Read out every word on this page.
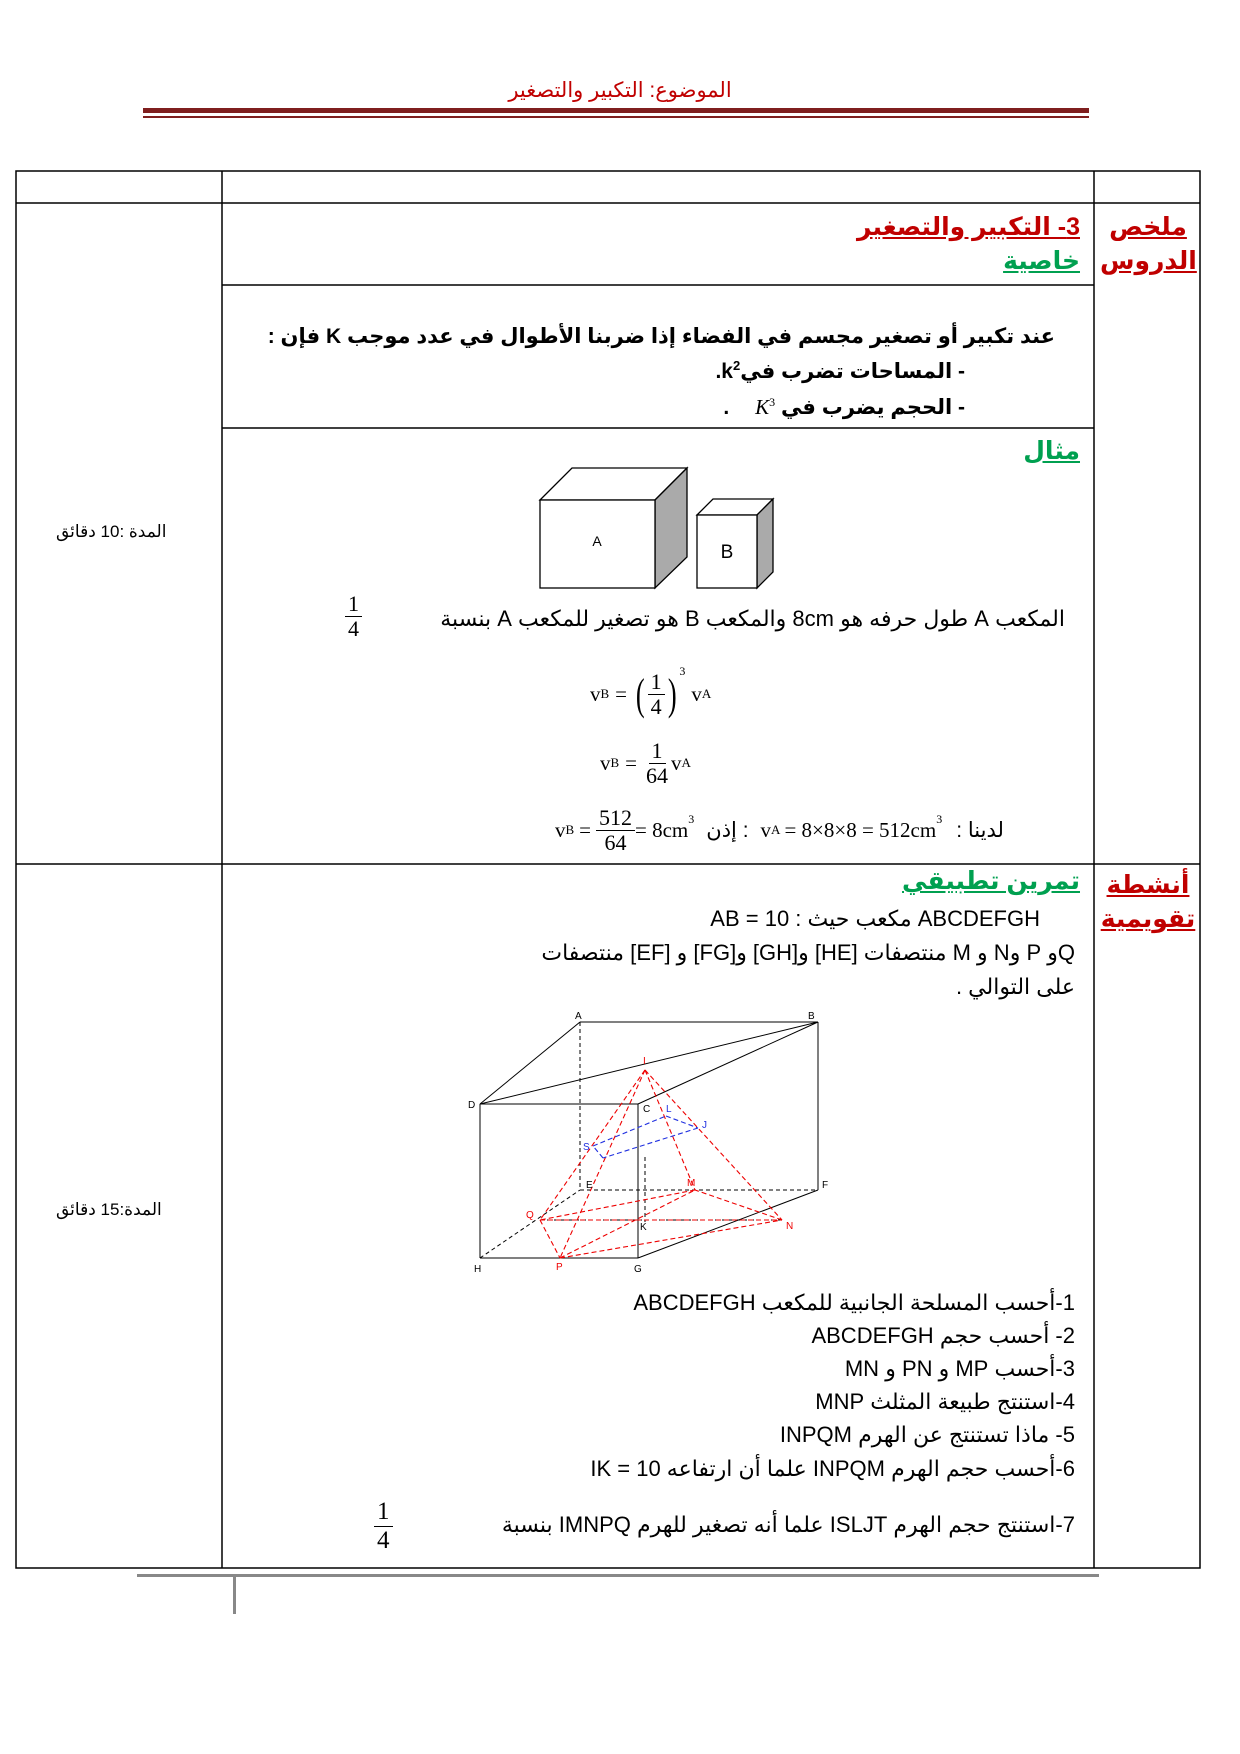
الموضوع: التكبير والتصغير
ملخص
الدروس
المدة :10 دقائق
3- التكبير والتصغير
خاصية
عند تكبير أو تصغير مجسم في الفضاء إذا ضربنا الأطوال في عدد موجب K فإن :
- المساحات تضرب فيk$^2$.
- الحجم يضرب في $K^3$ .
مثال
A
B
المكعب A طول حرفه هو 8cm والمكعب B هو تصغير للمكعب A بنسبة
$\frac{1}{4}$
v B = ( $\frac{1}{4} )^3$
v A
v $B = \frac{1}{64}$ v A
v $B = \frac{512}{64} = 8cm^3$ : إذن v $A = 8\times 8\times 8 = 512cm^3$ لدينا :
أنشطة
تقويمية
المدة:15 دقائق
تمرين تطبيقي
ABCDEFGH مكعب حيث : AB = 10
Qو P وN و M منتصفات [HE] و[GH] و[FG] و [EF] منتصفات
على التوالي .
A	B
C
D
E	F
G
H
I
J
K
L
M
N
P
Q
S
1-أحسب المسلحة الجانبية للمكعب ABCDEFGH
2- أحسب حجم ABCDEFGH
3-أحسب MP و PN و MN
4-استنتج طبيعة المثلث MNP
5- ماذا تستنتج عن الهرم INPQM
6-أحسب حجم الهرم INPQM علما أن ارتفاعه 10 = IK
7-استنتج حجم الهرم ISLJT علما أنه تصغير للهرم IMNPQ بنسبة
$\frac{1}{4}$
